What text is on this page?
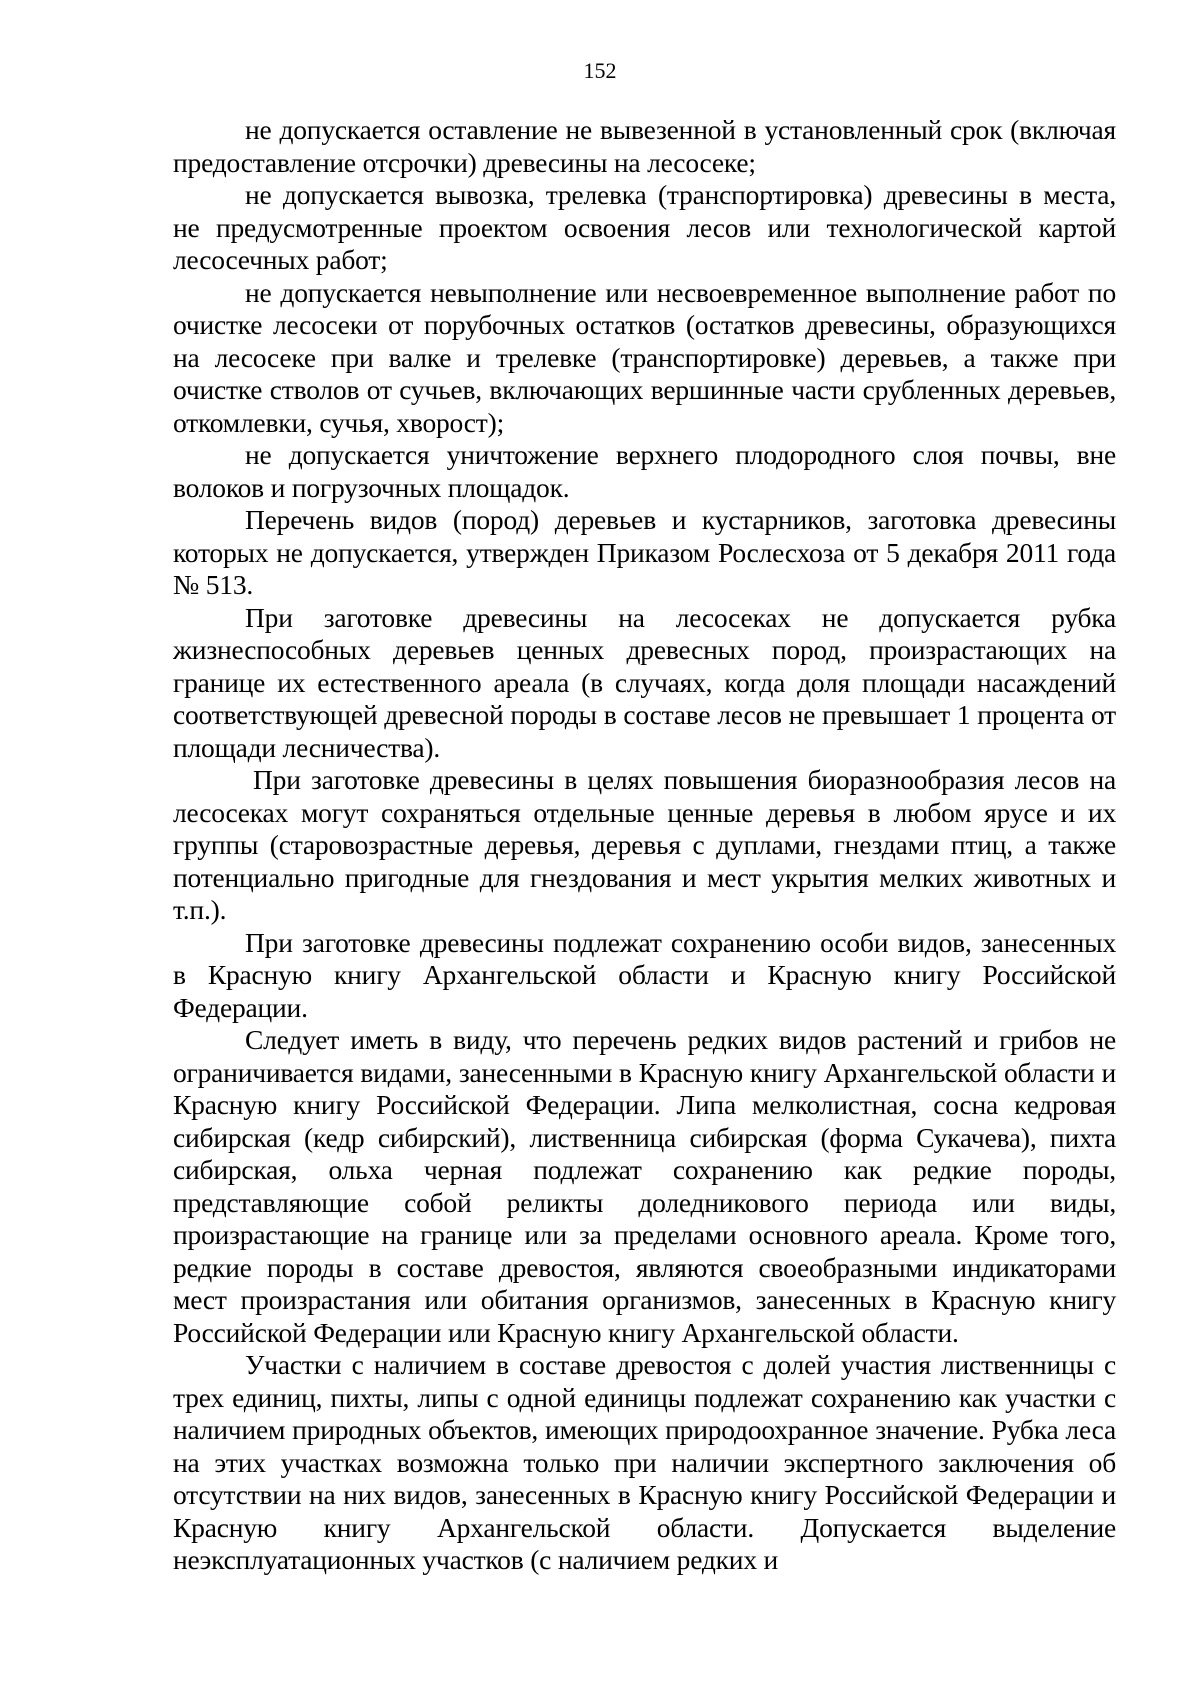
152

не допускается оставление не вывезенной в установленный срок (включая предоставление отсрочки) древесины на лесосеке;

не допускается вывозка, трелевка (транспортировка) древесины в места, не предусмотренные проектом освоения лесов или технологической картой лесосечных работ;

не допускается невыполнение или несвоевременное выполнение работ по очистке лесосеки от порубочных остатков (остатков древесины, образующихся на лесосеке при валке и трелевке (транспортировке) деревьев, а также при очистке стволов от сучьев, включающих вершинные части срубленных деревьев, откомлевки, сучья, хворост);

не допускается уничтожение верхнего плодородного слоя почвы, вне волоков и погрузочных площадок.

Перечень видов (пород) деревьев и кустарников, заготовка древесины которых не допускается, утвержден Приказом Рослесхоза от 5 декабря 2011 года № 513.

При заготовке древесины на лесосеках не допускается рубка жизнеспособных деревьев ценных древесных пород, произрастающих на границе их естественного ареала (в случаях, когда доля площади насаждений соответствующей древесной породы в составе лесов не превышает 1 процента от площади лесничества).

При заготовке древесины в целях повышения биоразнообразия лесов на лесосеках могут сохраняться отдельные ценные деревья в любом ярусе и их группы (старовозрастные деревья, деревья с дуплами, гнездами птиц, а также потенциально пригодные для гнездования и мест укрытия мелких животных и т.п.).

При заготовке древесины подлежат сохранению особи видов, занесенных в Красную книгу Архангельской области и Красную книгу Российской Федерации.

Следует иметь в виду, что перечень редких видов растений и грибов не ограничивается видами, занесенными в Красную книгу Архангельской области и Красную книгу Российской Федерации. Липа мелколистная, сосна кедровая сибирская (кедр сибирский), лиственница сибирская (форма Сукачева), пихта сибирская, ольха черная подлежат сохранению как редкие породы, представляющие собой реликты доледникового периода или виды, произрастающие на границе или за пределами основного ареала. Кроме того, редкие породы в составе древостоя, являются своеобразными индикаторами мест произрастания или обитания организмов, занесенных в Красную книгу Российской Федерации или Красную книгу Архангельской области.

Участки с наличием в составе древостоя с долей участия лиственницы с трех единиц, пихты, липы с одной единицы подлежат сохранению как участки с наличием природных объектов, имеющих природоохранное значение. Рубка леса на этих участках возможна только при наличии экспертного заключения об отсутствии на них видов, занесенных в Красную книгу Российской Федерации и Красную книгу Архангельской области. Допускается выделение неэксплуатационных участков (с наличием редких и
